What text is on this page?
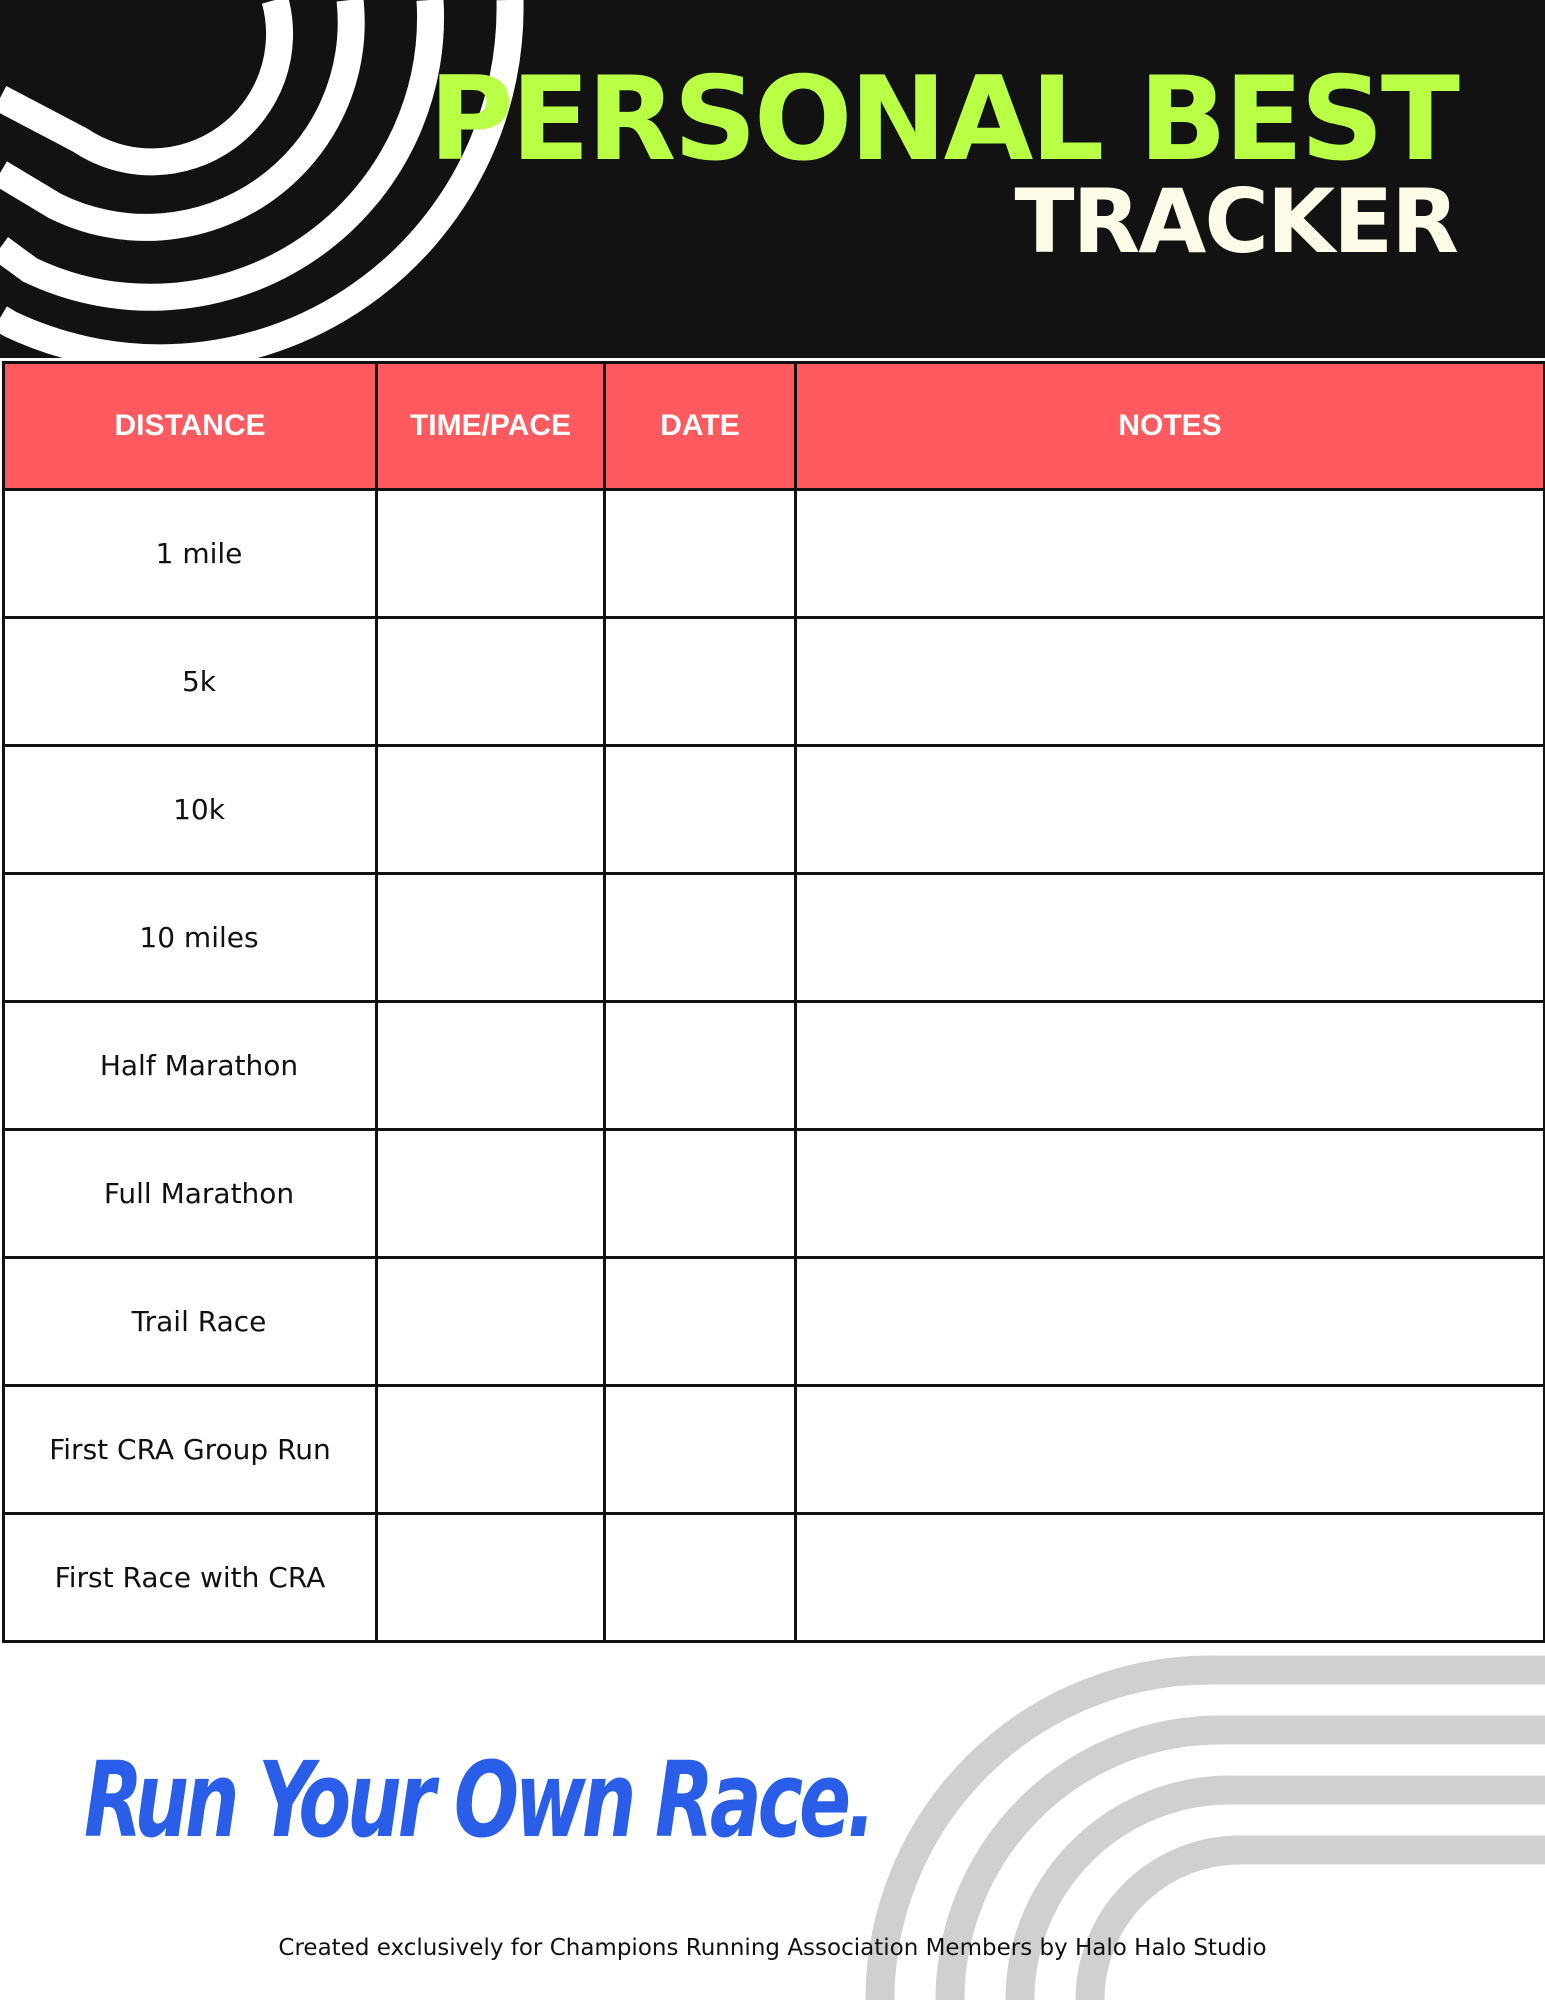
PERSONAL BEST
TRACKER
DISTANCE	TIME/PACE	DATE	NOTES
1 mile			
5k			
10k			
10 miles			
Half Marathon			
Full Marathon			
Trail Race			
First CRA Group Run			
First Race with CRA			
Run Your Own Race.
Created exclusively for Champions Running Association Members by Halo Halo Studio
